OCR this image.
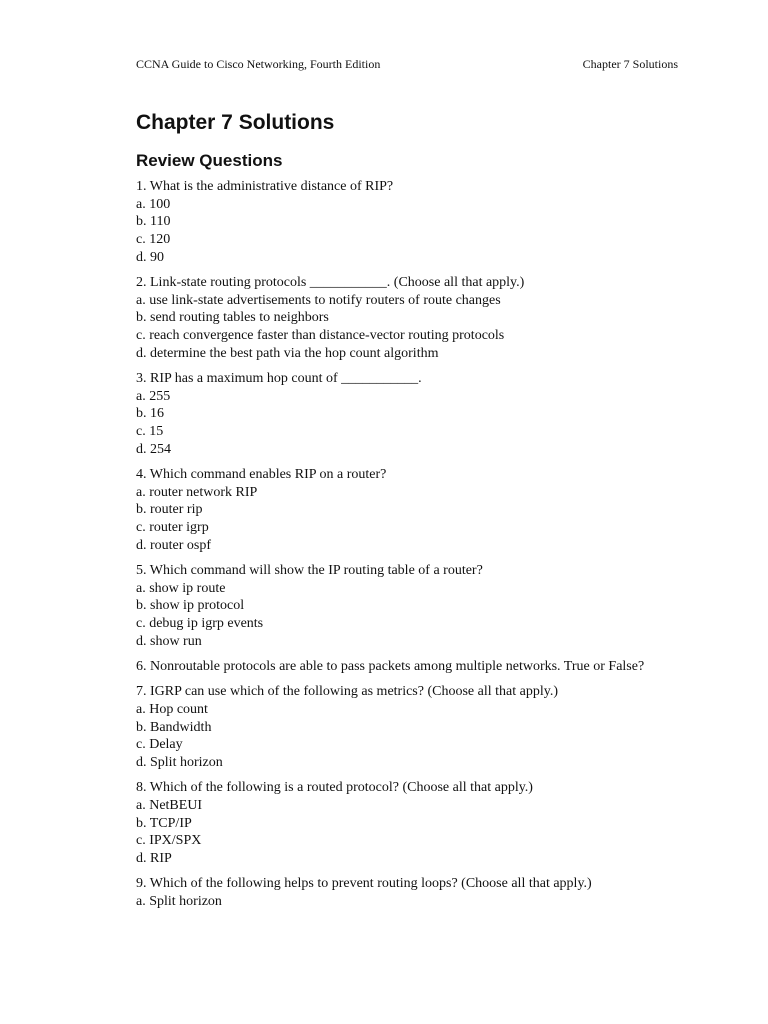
CCNA Guide to Cisco Networking, Fourth Edition	Chapter 7 Solutions
Chapter 7 Solutions
Review Questions
1. What is the administrative distance of RIP?
a. 100
b. 110
c. 120
d. 90
2. Link-state routing protocols ___________. (Choose all that apply.)
a. use link-state advertisements to notify routers of route changes
b. send routing tables to neighbors
c. reach convergence faster than distance-vector routing protocols
d. determine the best path via the hop count algorithm
3. RIP has a maximum hop count of ___________.
a. 255
b. 16
c. 15
d. 254
4. Which command enables RIP on a router?
a. router network RIP
b. router rip
c. router igrp
d. router ospf
5. Which command will show the IP routing table of a router?
a. show ip route
b. show ip protocol
c. debug ip igrp events
d. show run
6. Nonroutable protocols are able to pass packets among multiple networks. True or False?
7. IGRP can use which of the following as metrics? (Choose all that apply.)
a. Hop count
b. Bandwidth
c. Delay
d. Split horizon
8. Which of the following is a routed protocol? (Choose all that apply.)
a. NetBEUI
b. TCP/IP
c. IPX/SPX
d. RIP
9. Which of the following helps to prevent routing loops? (Choose all that apply.)
a. Split horizon
